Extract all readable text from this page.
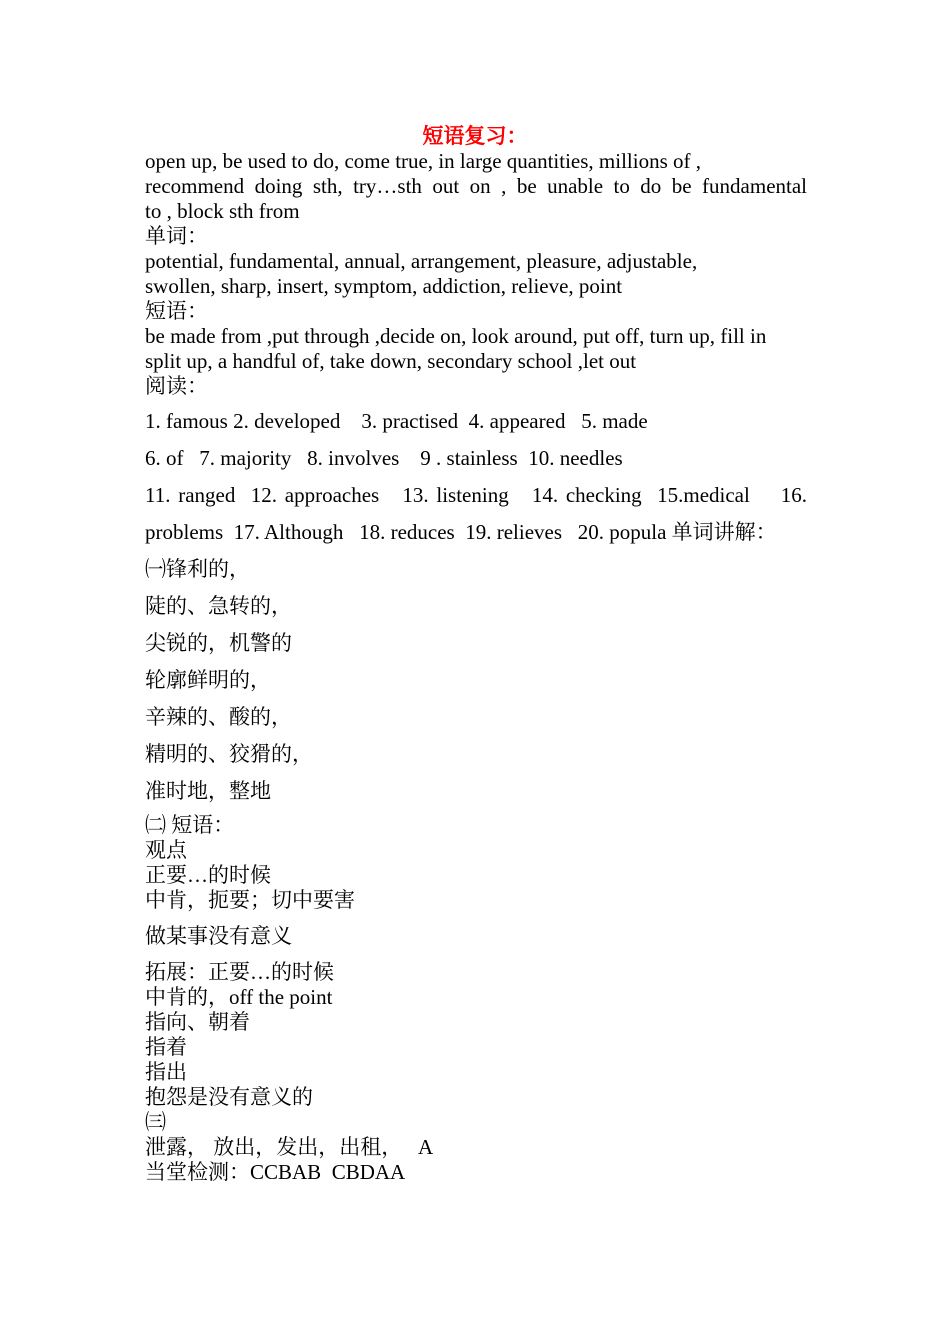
短语复习：
open up, be used to do, come true, in large quantities, millions of ,
recommend doing sth, try…sth out on , be unable to do be fundamental
to , block sth from
单词：
potential, fundamental, annual, arrangement, pleasure, adjustable,
swollen, sharp, insert, symptom, addiction, relieve, point
短语：
be made from ,put through ,decide on, look around, put off, turn up, fill in
split up, a handful of, take down, secondary school ,let out
阅读：
1. famous 2. developed    3. practised  4. appeared   5. made
6. of   7. majority   8. involves    9 . stainless  10. needles
11. ranged  12. approaches   13. listening   14. checking  15.medical    16.
problems  17. Although   18. reduces  19. relieves   20. popula 单词讲解：
㈠锋利的，
陡的、急转的，
尖锐的，机警的
轮廓鲜明的，
辛辣的、酸的，
精明的、狡猾的，
准时地，整地
㈡ 短语：
观点
正要…的时候
中肯，扼要；切中要害
做某事没有意义
拓展：正要…的时候
中肯的，off the point
指向、朝着
指着
指出
抱怨是没有意义的
㈢
泄露， 放出，发出，出租，   A
当堂检测：CCBAB  CBDAA
